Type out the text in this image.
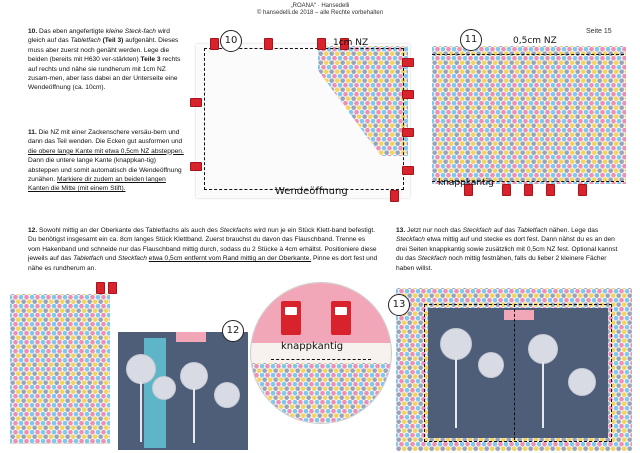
„ROANA“ · Hansedelli
© hansedelli.de 2018 – alle Rechte vorbehalten
Seite 15
10. Das eben angefertigte kleine Steck-fach wird gleich auf das Tabletfach (Teil 3) aufgenäht. Dieses muss aber zuerst noch genäht werden. Lege die beiden (bereits mit H630 ver-stärkten) Teile 3 rechts auf rechts und nähe sie rundherum mit 1cm NZ zusam-men, aber lass dabei an der Unterseite eine Wendeöffnung (ca. 10cm).
11. Die NZ mit einer Zackenschere versäu-bern und dann das Teil wenden. Die Ecken gut ausformen und die obere lange Kante mit etwa 0,5cm NZ absteppen. Dann die untere lange Kante (knappkan-tig) absteppen und somit automatisch die Wendeöffnung zunähen. Markiere dir zudem an beiden langen Kanten die Mitte (mit einem Stift).
10	1cm NZ
Wendeöffnung
11	0,5cm NZ
knappkantig
12. Sowohl mittig an der Oberkante des Tabletfachs als auch des Steckfachs wird nun je ein Stück Klett-band befestigt. Du benötigst insgesamt ein ca. 8cm langes Stück Klettband. Zuerst brauchst du davon das Flauschband. Trenne es vom Hakenband und schneide nur das Flauschband mittig durch, sodass du 2 Stücke à 4cm erhältst. Positioniere diese jeweils auf das Tabletfach und Steckfach etwa 0,5cm entfernt vom Rand mittig an der Oberkante. Pinne es dort fest und nähe es rundherum an.
13. Jetzt nur noch das Steckfach auf das Tabletfach nähen. Lege das Steckfach etwa mittig auf und stecke es dort fest. Dann nähst du es an den drei Seiten knappkantig sowie zusätzlich mit 0,5cm NZ fest. Optional kannst du das Steckfach noch mittig festnähen, falls du lieber 2 kleinere Fächer haben willst.
knappkantig
12
13
